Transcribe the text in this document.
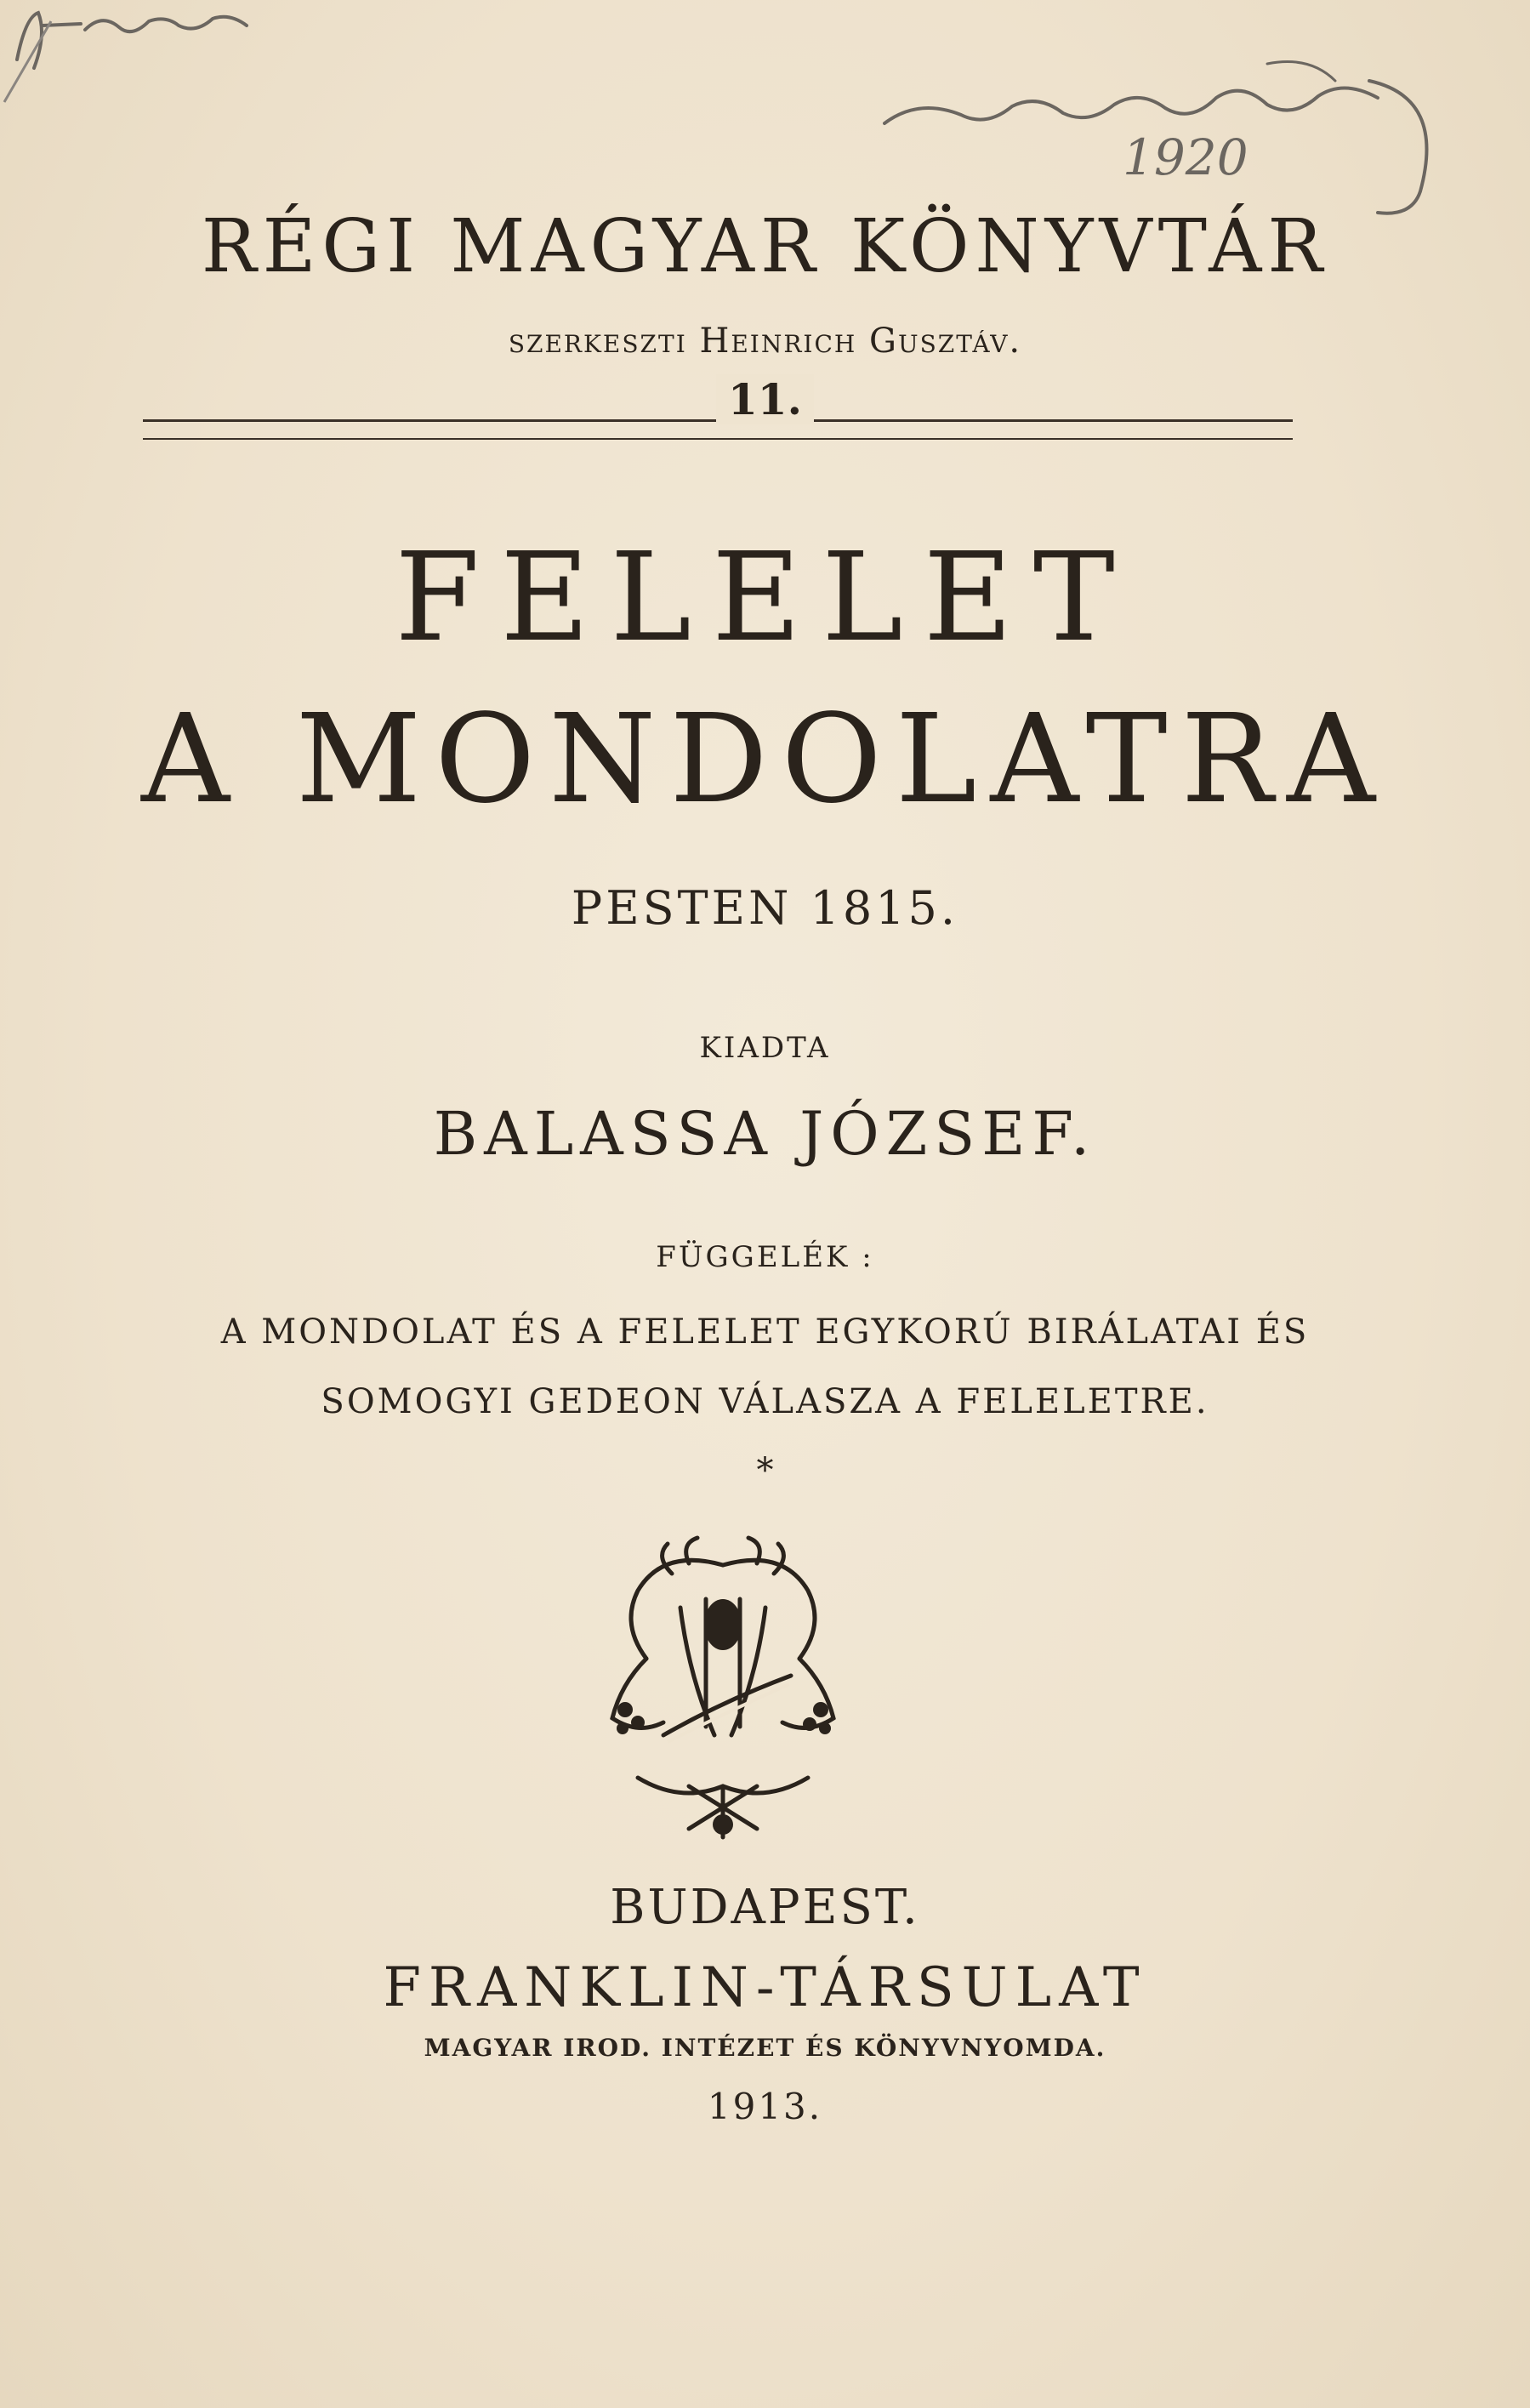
1920
RÉGI MAGYAR KÖNYVTÁR
szerkeszti Heinrich Gusztáv.
11.
FELELET
A MONDOLATRA
PESTEN 1815.
KIADTA
BALASSA JÓZSEF.
FÜGGELÉK :
A MONDOLAT ÉS A FELELET EGYKORÚ BIRÁLATAI ÉS
SOMOGYI GEDEON VÁLASZA A FELELETRE.
*
BUDAPEST.
FRANKLIN-TÁRSULAT
MAGYAR IROD. INTÉZET ÉS KÖNYVNYOMDA.
1913.
